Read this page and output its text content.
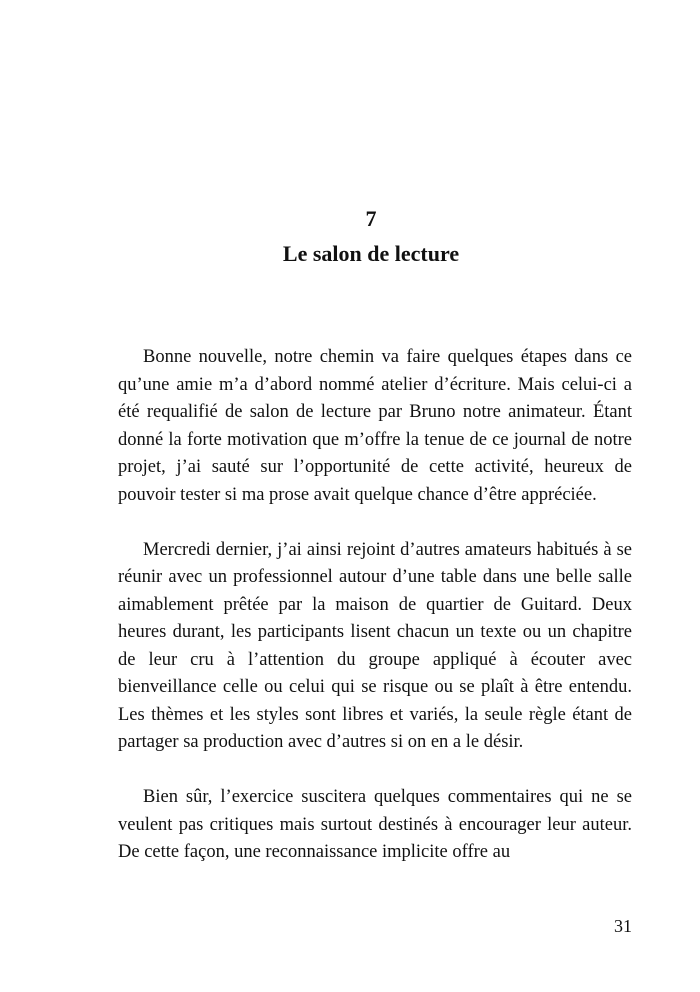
7
Le salon de lecture

Bonne nouvelle, notre chemin va faire quelques étapes dans ce qu’une amie m’a d’abord nommé atelier d’écriture. Mais celui-ci a été requalifié de salon de lecture par Bruno notre animateur. Étant donné la forte motivation que m’offre la tenue de ce journal de notre projet, j’ai sauté sur l’opportunité de cette activité, heureux de pouvoir tester si ma prose avait quelque chance d’être appréciée.

Mercredi dernier, j’ai ainsi rejoint d’autres amateurs habitués à se réunir avec un professionnel autour d’une table dans une belle salle aimablement prêtée par la maison de quartier de Guitard. Deux heures durant, les participants lisent chacun un texte ou un chapitre de leur cru à l’attention du groupe appliqué à écouter avec bienveillance celle ou celui qui se risque ou se plaît à être entendu. Les thèmes et les styles sont libres et variés, la seule règle étant de partager sa production avec d’autres si on en a le désir.

Bien sûr, l’exercice suscitera quelques commentaires qui ne se veulent pas critiques mais surtout destinés à encourager leur auteur. De cette façon, une reconnaissance implicite offre au

31
